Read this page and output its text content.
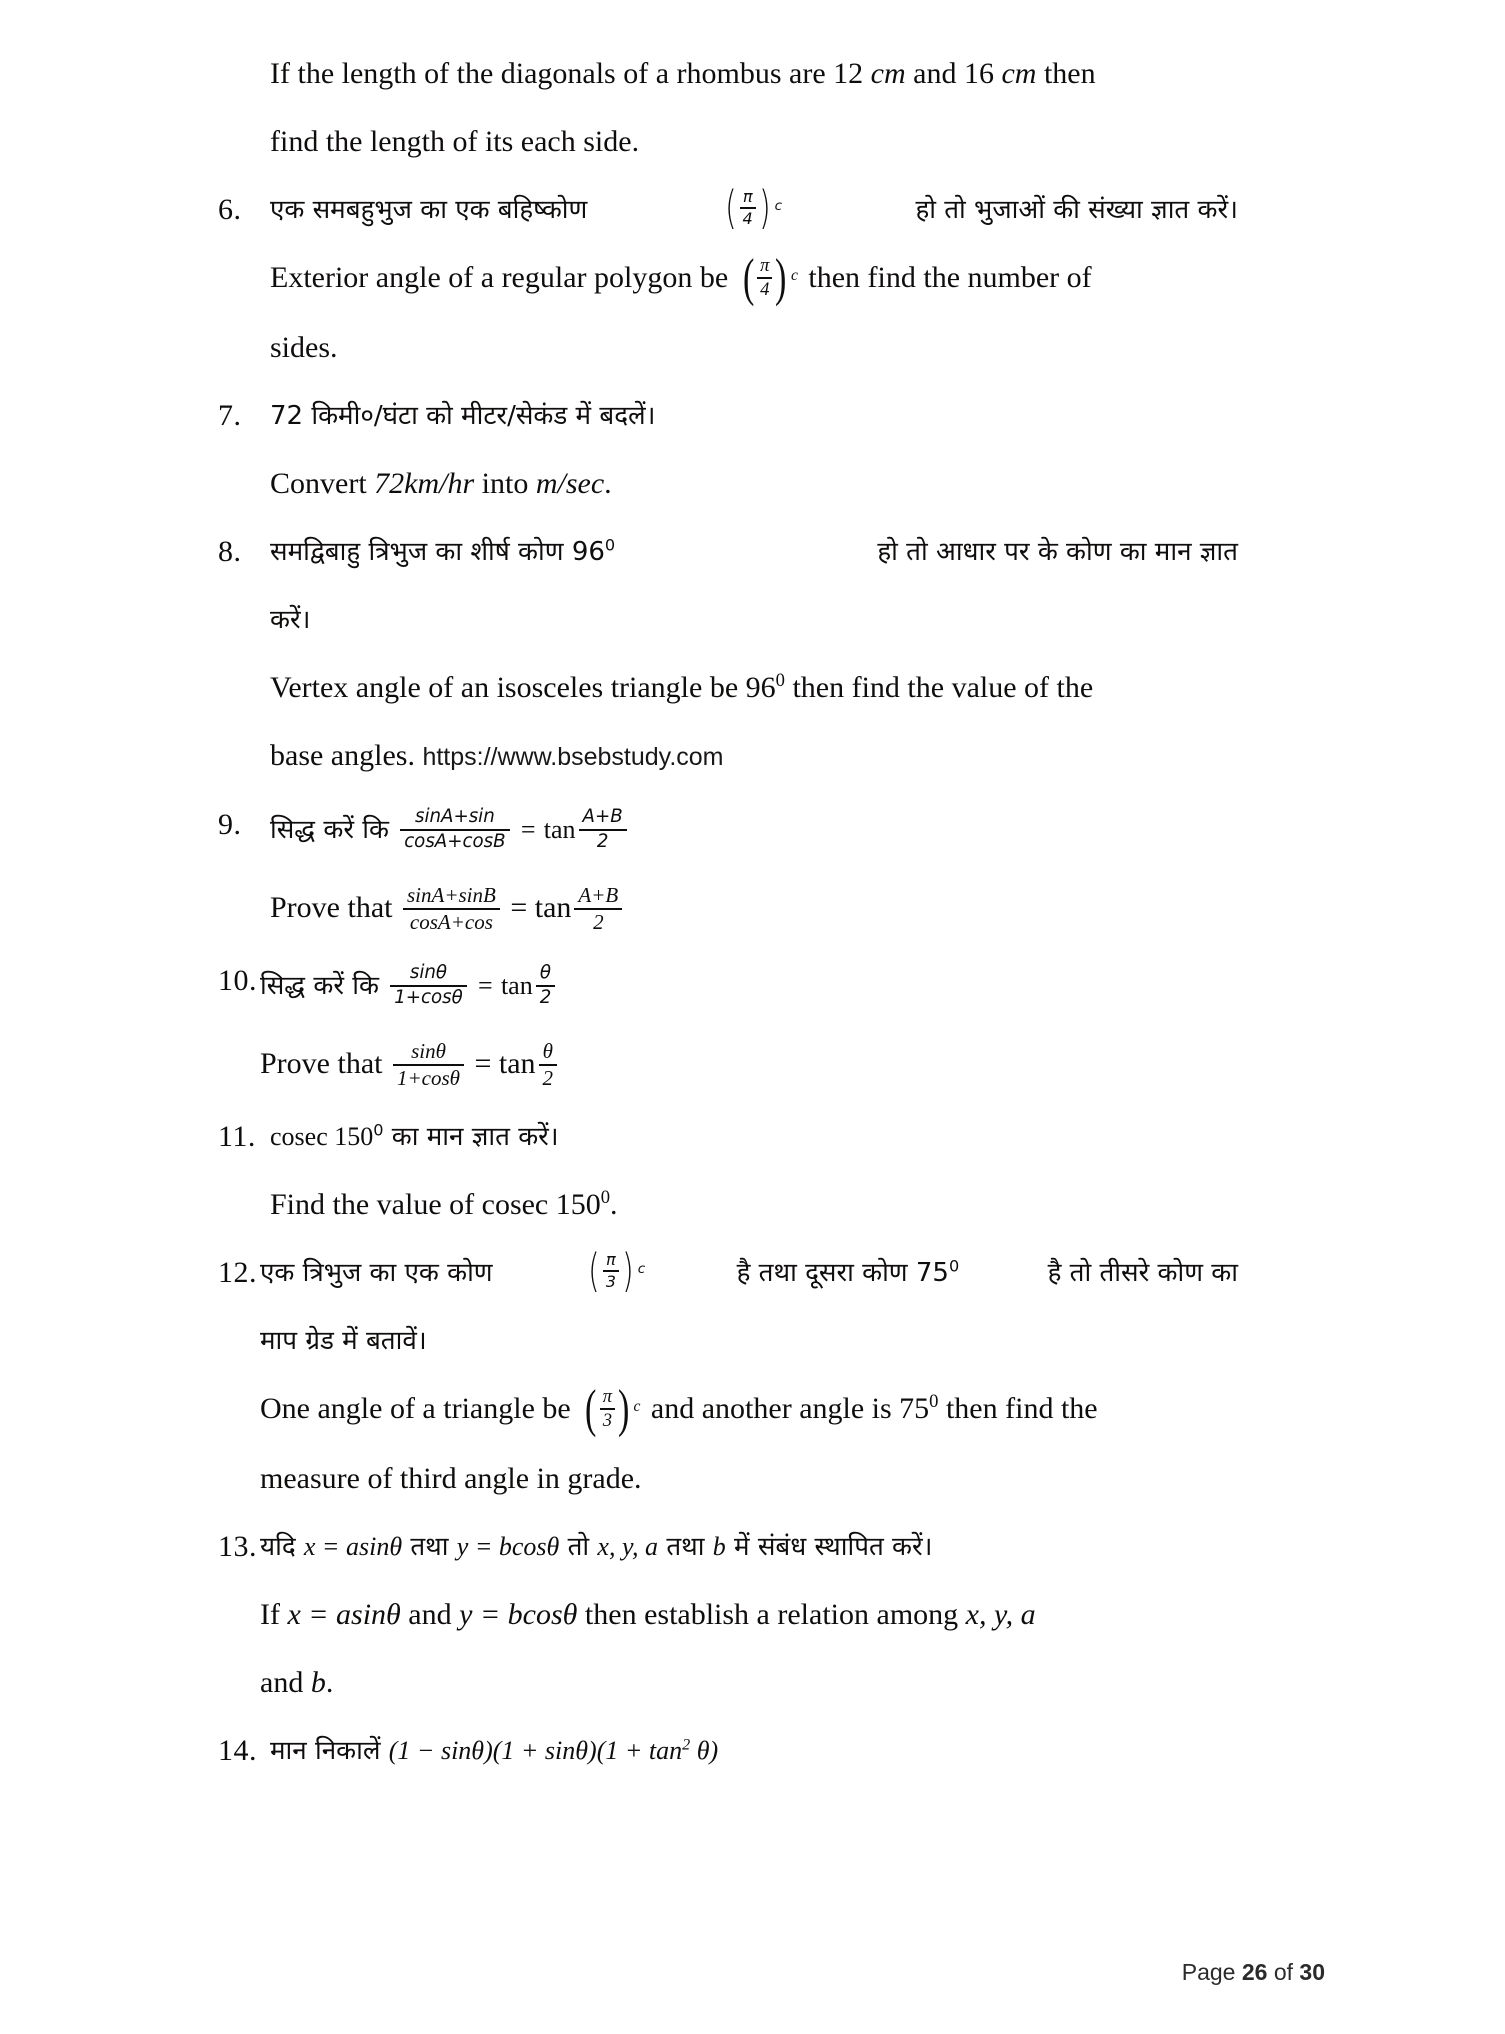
If the length of the diagonals of a rhombus are 12 cm and 16 cm then
find the length of its each side.
6.	एक समबहुभुज का एक बहिष्कोण	( $\frac{\pi}{4}$ ) c	हो तो भुजाओं की संख्या ज्ञात करें।
Exterior angle of a regular polygon be ( $\frac{\pi}{4}$ ) c then find the number of
sides.
7.	72 किमी०/घंटा को मीटर/सेकंड में बदलें।
Convert 72km/hr into m/sec.
8.	समद्विबाहु त्रिभुज का शीर्ष कोण $96^0$	हो तो आधार पर के कोण का मान ज्ञात
करें।
Vertex angle of an isosceles triangle be $96^0$ then find the value of the
base angles. https://www.bsebstudy.com
9.	सिद्ध करें कि $\frac{\sin A+\sin}{\cos A+\cos B} = \tan \frac{A+B}{2}$
Prove that $\frac{\sin A+\sin B}{\cos A+\cos} = \tan \frac{A+B}{2}$
10. सिद्ध करें कि $\frac{\sin\theta}{1+\cos\theta} = \tan \frac{\theta}{2}$
Prove that $\frac{\sin\theta}{1+\cos\theta} = \tan \frac{\theta}{2}$
11. cosec $150^0$ का मान ज्ञात करें।
Find the value of cosec $150^0$.
12. एक त्रिभुज का एक कोण ( $\frac{\pi}{3}$ ) c	है तथा दूसरा कोण $75^0$	है तो तीसरे कोण का
माप ग्रेड में बतावें।
One angle of a triangle be ( $\frac{\pi}{3}$ ) c and another angle is $75^0$ then find the
measure of third angle in grade.
13. यदि x = asinθ तथा y = bcosθ तो x, y, a तथा b में संबंध स्थापित करें।
If x = asinθ and y = bcosθ then establish a relation among x, y, a
and b.
14. मान निकालें $(1 - \sin\theta)(1 + \sin\theta)(1 + \tan^2 \theta)$
Page 26 of 30
